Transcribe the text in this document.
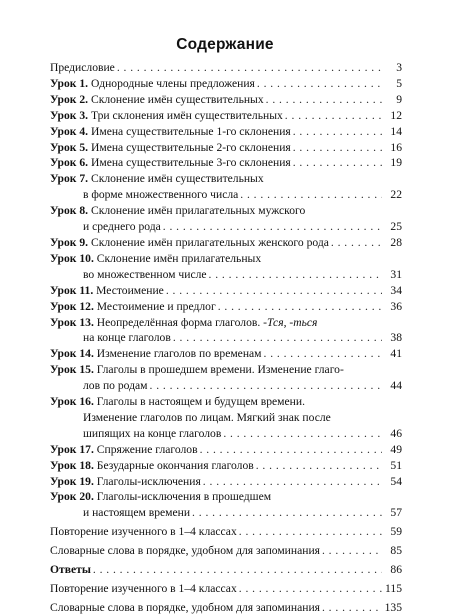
Содержание
Предисловие . . .	3
Урок 1. Однородные члены предложения . . .	5
Урок 2. Склонение имён существительных . . .	9
Урок 3. Три склонения имён существительных . . .	12
Урок 4. Имена существительные 1-го склонения . . .	14
Урок 5. Имена существительные 2-го склонения . . .	16
Урок 6. Имена существительные 3-го склонения . . .	19
Урок 7. Склонение имён существительных
в форме множественного числа . . .	22
Урок 8. Склонение имён прилагательных мужского
и среднего рода . . .	25
Урок 9. Склонение имён прилагательных женского рода . . .	28
Урок 10. Склонение имён прилагательных
во множественном числе . . .	31
Урок 11. Местоимение . . .	34
Урок 12. Местоимение и предлог . . .	36
Урок 13. Неопределённая форма глаголов. -Тся, -ться
на конце глаголов . . .	38
Урок 14. Изменение глаголов по временам . . .	41
Урок 15. Глаголы в прошедшем времени. Изменение глаго-
лов по родам . . .	44
Урок 16. Глаголы в настоящем и будущем времени.
Изменение глаголов по лицам. Мягкий знак после
шипящих на конце глаголов . . .	46
Урок 17. Спряжение глаголов . . .	49
Урок 18. Безударные окончания глаголов . . .	51
Урок 19. Глаголы-исключения . . .	54
Урок 20. Глаголы-исключения в прошедшем
и настоящем времени . . .	57
Повторение изученного в 1–4 классах . . .	59
Словарные слова в порядке, удобном для запоминания . . .	85
Ответы . . .	86
Повторение изученного в 1–4 классах . . .	115
Словарные слова в порядке, удобном для запоминания . . .	135
